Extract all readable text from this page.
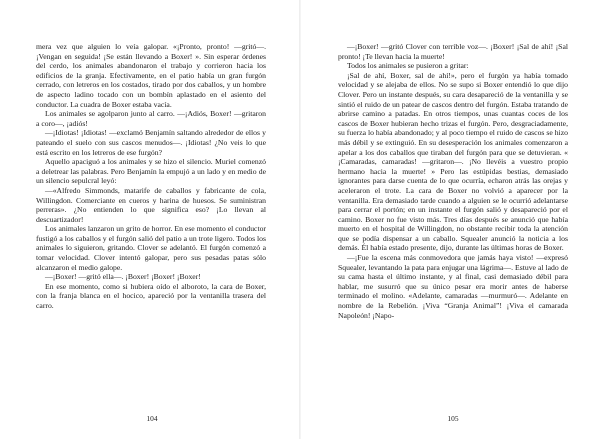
mera vez que alguien lo veía galopar. «¡Pronto, pronto! —gritó—. ¡Vengan en seguida! ¡Se están llevando a Boxer! ». Sin esperar órdenes del cerdo, los animales abandonaron el trabajo y corrieron hacia los edificios de la granja. Efectivamente, en el patio había un gran furgón cerrado, con letreros en los costados, tirado por dos caballos, y un hombre de aspecto ladino tocado con un bombín aplastado en el asiento del conductor. La cuadra de Boxer estaba vacía.

Los animales se agolparon junto al carro. —¡Adiós, Boxer! —gritaron a coro—, ¡adiós!

—¡Idiotas! ¡Idiotas! —exclamó Benjamín saltando alrededor de ellos y pateando el suelo con sus cascos menudos—. ¡Idiotas! ¿No veis lo que está escrito en los letreros de ese furgón?

Aquello apaciguó a los animales y se hizo el silencio. Muriel comenzó a deletrear las palabras. Pero Benjamín la empujó a un lado y en medio de un silencio sepulcral leyó:

—«Alfredo Simmonds, matarife de caballos y fabricante de cola, Willingdon. Comerciante en cueros y harina de huesos. Se suministran perreras». ¿No entienden lo que significa eso? ¡Lo llevan al descuartizador!

Los animales lanzaron un grito de horror. En ese momento el conductor fustigó a los caballos y el furgón salió del patio a un trote ligero. Todos los animales lo siguieron, gritando. Clover se adelantó. El furgón comenzó a tomar velocidad. Clover intentó galopar, pero sus pesadas patas sólo alcanzaron el medio galope.

—¡Boxer! —gritó ella—. ¡Boxer! ¡Boxer! ¡Boxer!

En ese momento, como si hubiera oído el alboroto, la cara de Boxer, con la franja blanca en el hocico, apareció por la ventanilla trasera del carro.

104

—¡Boxer! —gritó Clover con terrible voz—. ¡Boxer! ¡Sal de ahí! ¡Sal pronto! ¡Te llevan hacia la muerte!

Todos los animales se pusieron a gritar:

¡Sal de ahí, Boxer, sal de ahí!», pero el furgón ya había tomado velocidad y se alejaba de ellos. No se supo si Boxer entendió lo que dijo Clover. Pero un instante después, su cara desapareció de la ventanilla y se sintió el ruido de un patear de cascos dentro del furgón. Estaba tratando de abrirse camino a patadas. En otros tiempos, unas cuantas coces de los cascos de Boxer hubieran hecho trizas el furgón. Pero, desgraciadamente, su fuerza lo había abandonado; y al poco tiempo el ruido de cascos se hizo más débil y se extinguió. En su desesperación los animales comenzaron a apelar a los dos caballos que tiraban del furgón para que se detuvieran. « ¡Camaradas, camaradas! —gritaron—. ¡No llevéis a vuestro propio hermano hacia la muerte! » Pero las estúpidas bestias, demasiado ignorantes para darse cuenta de lo que ocurría, echaron atrás las orejas y aceleraron el trote. La cara de Boxer no volvió a aparecer por la ventanilla. Era demasiado tarde cuando a alguien se le ocurrió adelantarse para cerrar el portón; en un instante el furgón salió y desapareció por el camino. Boxer no fue visto más. Tres días después se anunció que había muerto en el hospital de Willingdon, no obstante recibir toda la atención que se podía dispensar a un caballo. Squealer anunció la noticia a los demás. Él había estado presente, dijo, durante las últimas horas de Boxer.

—¡Fue la escena más conmovedora que jamás haya visto! —expresó Squealer, levantando la pata para enjugar una lágrima—. Estuve al lado de su cama hasta el último instante, y al final, casi demasiado débil para hablar, me susurró que su único pesar era morir antes de haberse terminado el molino. «Adelante, camaradas —murmuró—. Adelante en nombre de la Rebelión. ¡Viva “Granja Animal”! ¡Viva el camarada Napoleón! ¡Napo-

105
